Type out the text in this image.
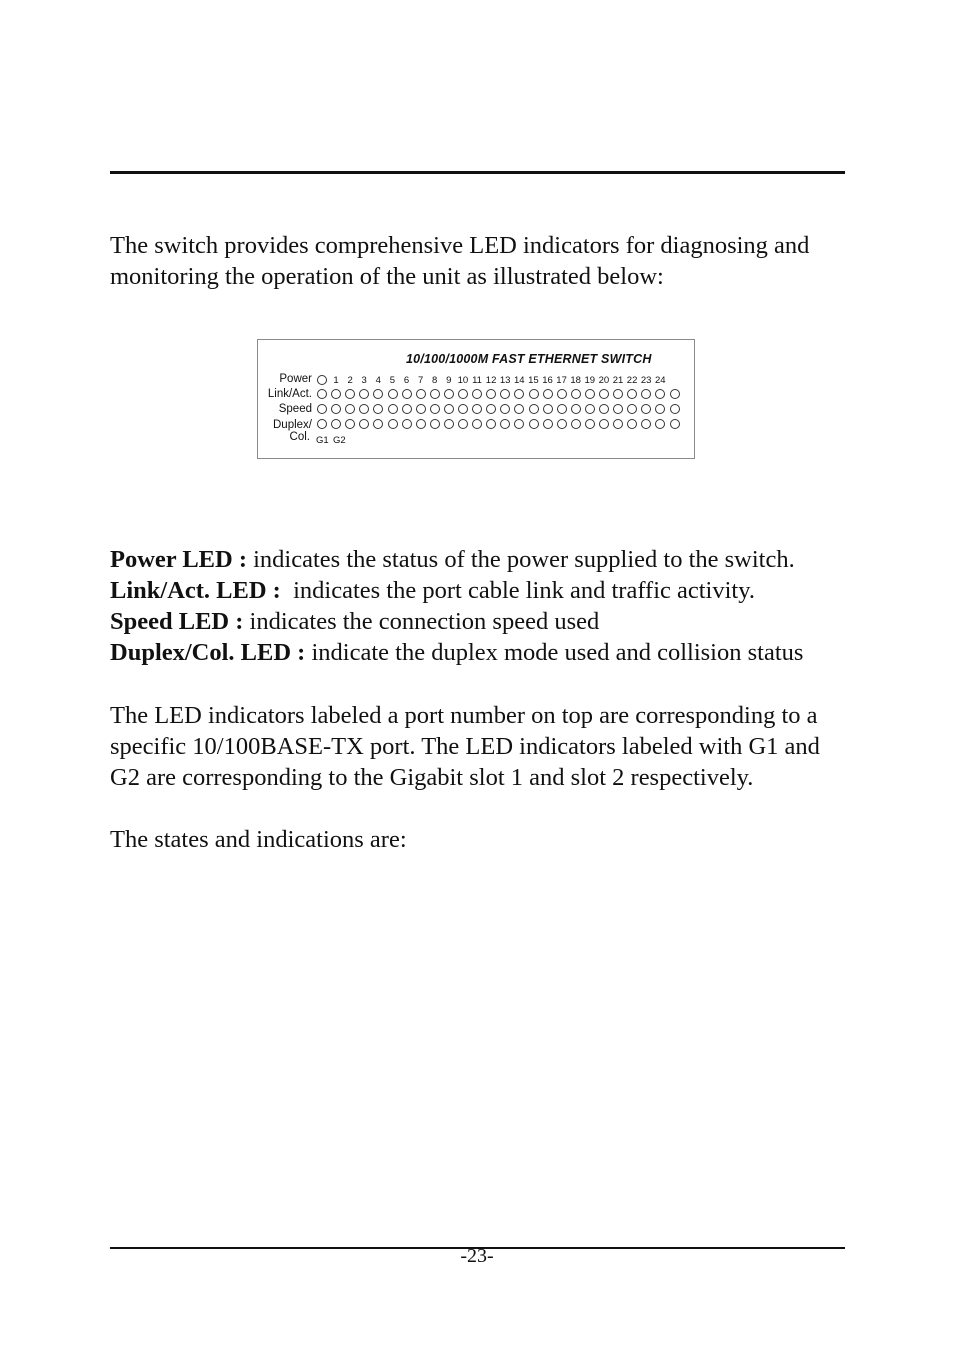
The switch provides comprehensive LED indicators for diagnosing and
monitoring the operation of the unit as illustrated below:

10/100/1000M FAST ETHERNET SWITCH
Power
Link/Act.
Speed
Duplex/
Col. G1 G2
1 2 3 4 5 6 7 8 9 10 11 12 13 14 15 16 17 18 19 20 21 22 23 24
Power LED : indicates the status of the power supplied to the switch.
Link/Act. LED :  indicates the port cable link and traffic activity.
Speed LED : indicates the connection speed used
Duplex/Col. LED : indicate the duplex mode used and collision status

The LED indicators labeled a port number on top are corresponding to a
specific 10/100BASE-TX port. The LED indicators labeled with G1 and
G2 are corresponding to the Gigabit slot 1 and slot 2 respectively.

The states and indications are:

-23-
